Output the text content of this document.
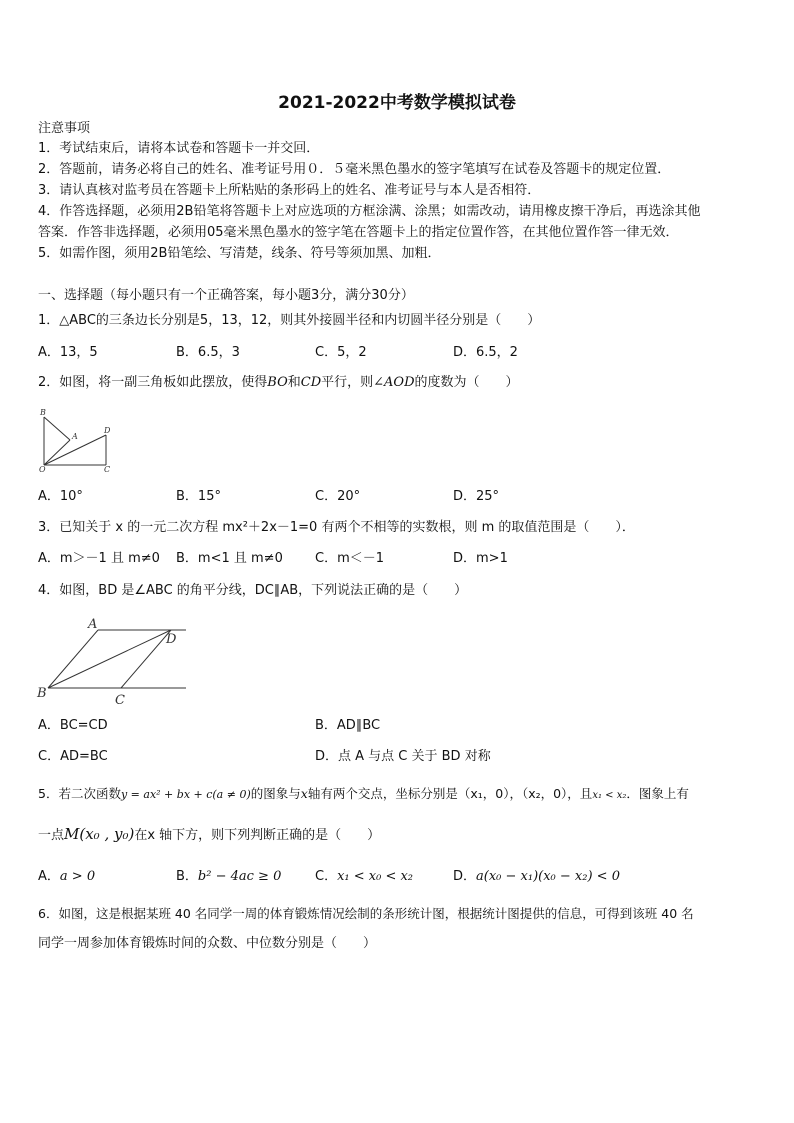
2021-2022中考数学模拟试卷
注意事项
1．考试结束后，请将本试卷和答题卡一并交回．
2．答题前，请务必将自己的姓名、准考证号用０．５毫米黑色墨水的签字笔填写在试卷及答题卡的规定位置．
3．请认真核对监考员在答题卡上所粘贴的条形码上的姓名、准考证号与本人是否相符．
4．作答选择题，必须用2B铅笔将答题卡上对应选项的方框涂满、涂黑；如需改动，请用橡皮擦干净后，再选涂其他
答案．作答非选择题，必须用05毫米黑色墨水的签字笔在答题卡上的指定位置作答，在其他位置作答一律无效．
5．如需作图，须用2B铅笔绘、写清楚，线条、符号等须加黑、加粗．
一、选择题（每小题只有一个正确答案，每小题3分，满分30分）
1．△ABC的三条边长分别是5，13，12，则其外接圆半径和内切圆半径分别是（　　）
A．13，5	B．6.5，3	C．5，2	D．6.5，2
2．如图，将一副三角板如此摆放，使得BO和CD平行，则∠AOD的度数为（　　）
B
A
D
O	C
A．10°	B．15°	C．20°	D．25°
3．已知关于 x 的一元二次方程 mx²＋2x－1=0 有两个不相等的实数根，则 m 的取值范围是（　　）．
A．m＞－1 且 m≠0 B．m<1 且 m≠0 C．m＜－1	D．m>1
4．如图，BD 是∠ABC 的角平分线，DC∥AB，下列说法正确的是（　　）
A
D
B	C
A．BC=CD	B．AD∥BC
C．AD=BC	D．点 A 与点 C 关于 BD 对称
5．若二次函数y = ax² + bx + c(a ≠ 0)的图象与x轴有两个交点，坐标分别是（x₁，0），（x₂，0），且x₁ < x₂．图象上有
一点M(x₀ , y₀)在x 轴下方，则下列判断正确的是（　　）
A．a > 0	B．b² − 4ac ≥ 0	C．x₁ < x₀ < x₂	D．a(x₀ − x₁)(x₀ − x₂) < 0
6．如图，这是根据某班 40 名同学一周的体育锻炼情况绘制的条形统计图，根据统计图提供的信息，可得到该班 40 名
同学一周参加体育锻炼时间的众数、中位数分别是（　　）
